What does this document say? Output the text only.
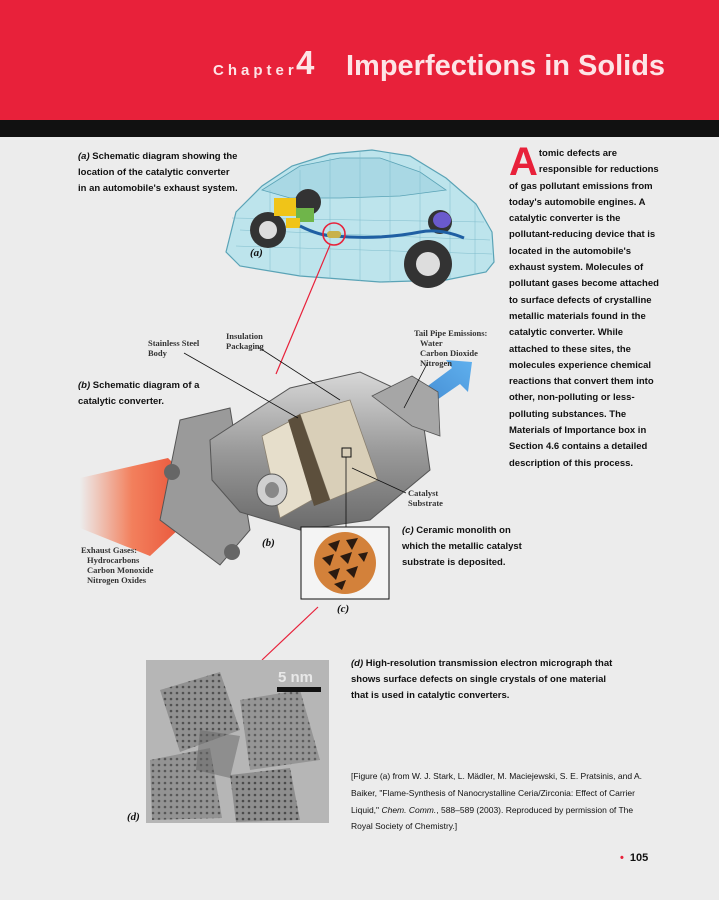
Chapter
4 Imperfections in Solids
(a) Schematic diagram showing the location of the catalytic converter in an automobile's exhaust system.
(b) Schematic diagram of a catalytic converter.
(c) Ceramic monolith on which the metallic catalyst substrate is deposited.
(d) High-resolution transmission electron micrograph that shows surface defects on single crystals of one material that is used in catalytic converters.
(a)
(b)
(c)
(d)
Stainless Steel
Body
Insulation
Packaging
Tail Pipe Emissions:
Water
Carbon Dioxide
Nitrogen
Catalyst
Substrate
Exhaust Gases:
Hydrocarbons
Carbon Monoxide
Nitrogen Oxides
5 nm
A tomic defects are responsible for reductions of gas pollutant emissions from today's automobile engines. A catalytic converter is the pollutant-reducing device that is located in the automobile's exhaust system. Molecules of pollutant gases become attached to surface defects of crystalline metallic materials found in the catalytic converter. While attached to these sites, the molecules experience chemical reactions that convert them into other, non-polluting or less-polluting substances. The Materials of Importance box in Section 4.6 contains a detailed description of this process.
[Figure (a) from W. J. Stark, L. Mädler, M. Maciejewski, S. E. Pratsinis, and A. Baiker, "Flame-Synthesis of Nanocrystalline Ceria/Zirconia: Effect of Carrier Liquid," Chem. Comm., 588–589 (2003). Reproduced by permission of The Royal Society of Chemistry.]
• 105
